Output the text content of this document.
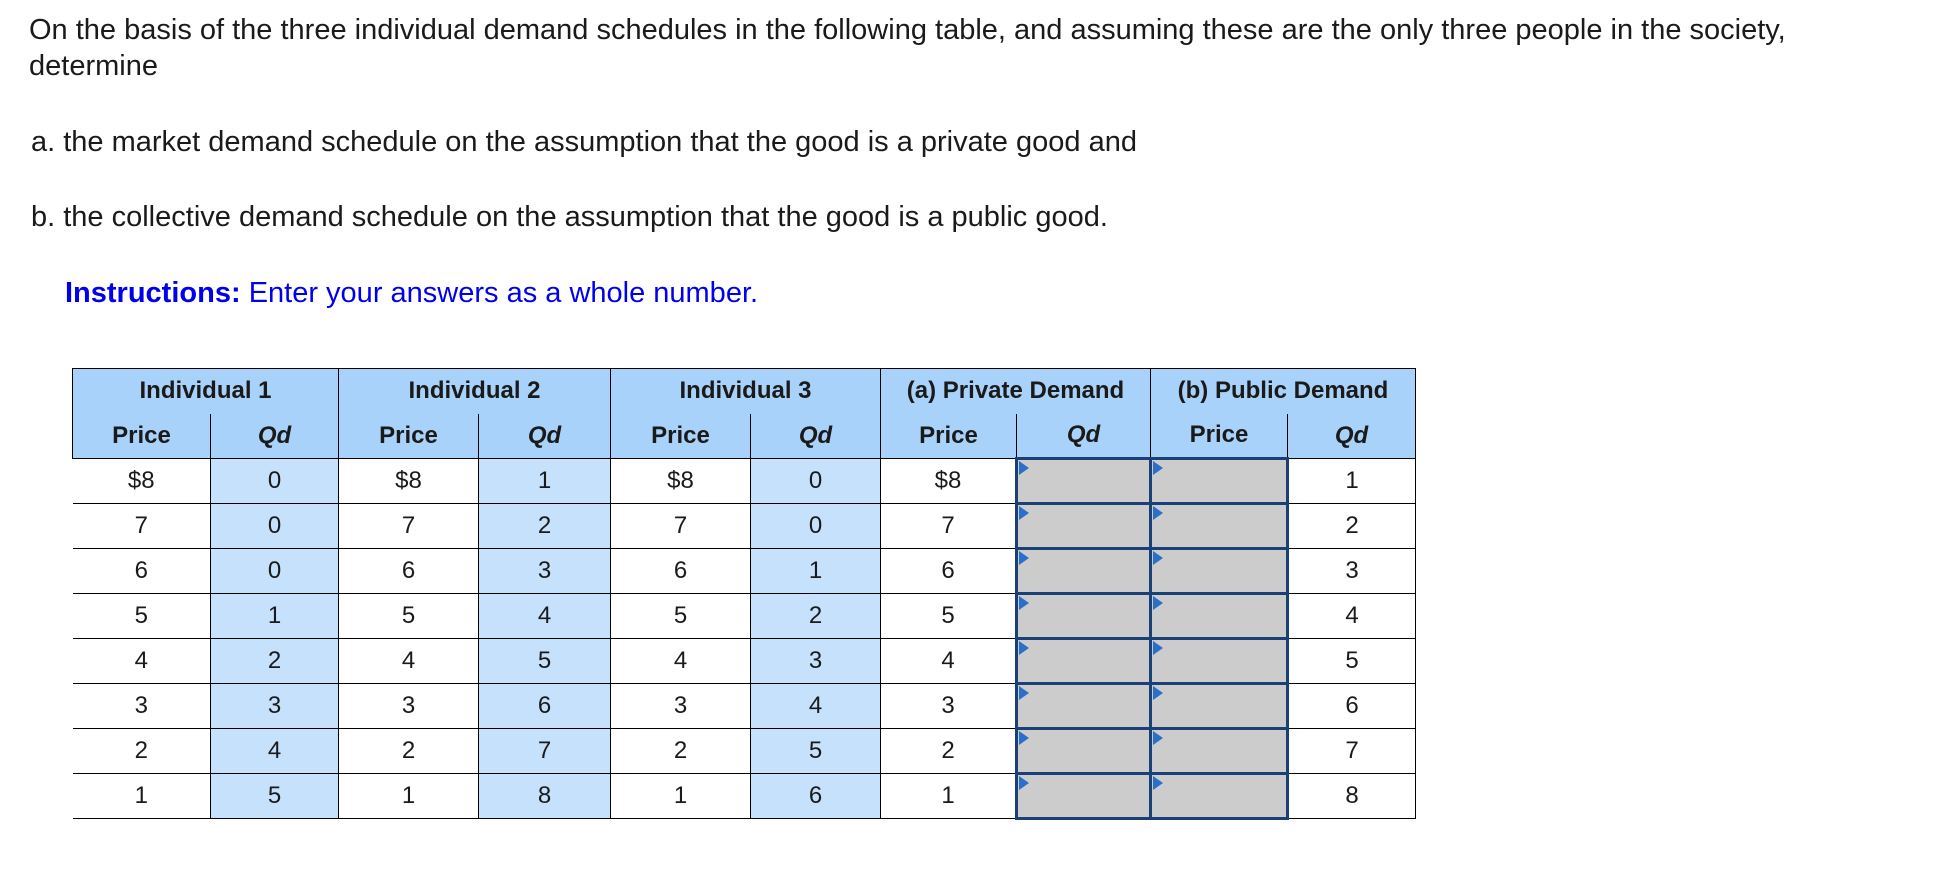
On the basis of the three individual demand schedules in the following table, and assuming these are the only three people in the society, determine

a. the market demand schedule on the assumption that the good is a private good and

b. the collective demand schedule on the assumption that the good is a public good.

Instructions: Enter your answers as a whole number.

Individual 1		Individual 2		Individual 3		(a) Private Demand		(b) Public Demand	
Price	Qd	Price	Qd	Price	Qd	Price	Qd	Price	Qd
$8	0	$8	1	$8	0	$8			1
7	0	7	2	7	0	7			2
6	0	6	3	6	1	6			3
5	1	5	4	5	2	5			4
4	2	4	5	4	3	4			5
3	3	3	6	3	4	3			6
2	4	2	7	2	5	2			7
1	5	1	8	1	6	1			8
